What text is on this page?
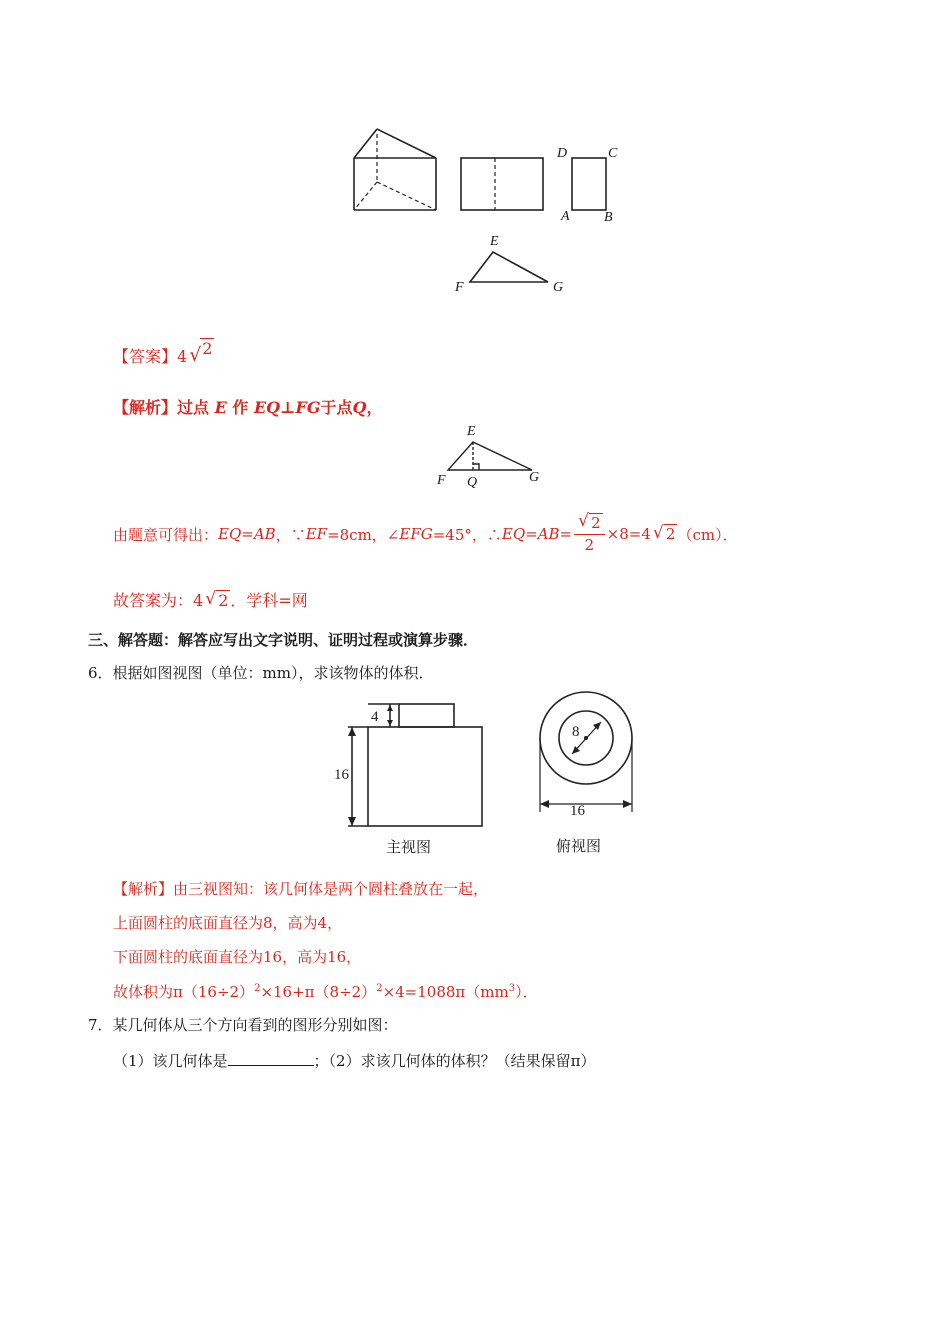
D	C
A B
E
F	G
【答案】4 √ 2
【解析】过点 E 作 EQ⊥FG于点Q，
E
F Q	G
由题意可得出： EQ=AB ，∵ EF =8cm，∠ EFG =45°，∴ $EQ=AB = \frac{√ 2}{2} \times 8=4$ √ 2 （cm）．
故答案为：4 √ 2 ．学科=网
三、解答题：解答应写出文字说明、证明过程或演算步骤．
6．根据如图视图（单位：mm），求该物体的体积．
4
16
主视图
8
16
俯视图
【解析】由三视图知：该几何体是两个圆柱叠放在一起，
上面圆柱的底面直径为8，高为4，
下面圆柱的底面直径为16，高为16，
故体积为$\pi(16\div 2)^2\times 16+\pi(8\div 2)^2\times 4=1088\pi(mm^3)$．
7．某几何体从三个方向看到的图形分别如图：
（1）该几何体是	；（2）求该几何体的体积？（结果保留π）
